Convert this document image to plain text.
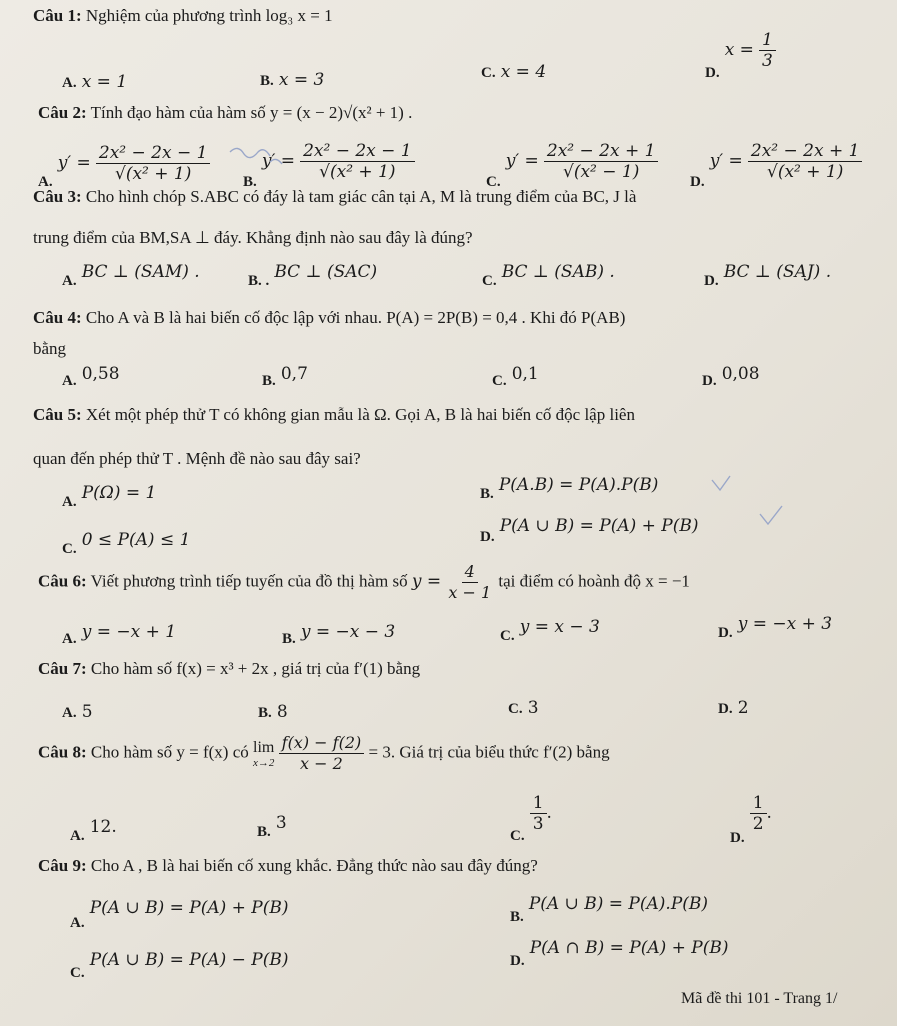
Câu 1: Nghiệm của phương trình log₃ x = 1
A. x = 1	B. x = 3	C. x = 4	D. $x = \frac{1}{3}$
Câu 2: Tính đạo hàm của hàm số y = (x − 2)√(x² + 1) .
A. $y' = \frac{\text{2x² − 2x − 1}}{\text{√(x² + 1)}} B$. $y' = \frac{\text{2x² − 2x − 1}}{\text{√(x² + 1)}}$	C. $y' = \frac{\text{2x² − 2x + 1}}{\text{√(x² − 1)}} D$. $y' = \frac{\text{2x² − 2x + 1}}{\text{√(x² + 1)}}$
Câu 3: Cho hình chóp S.ABC có đáy là tam giác cân tại A, M là trung điểm của BC, J là
trung điểm của BM,SA ⊥ đáy. Khẳng định nào sau đây là đúng?
A. BC ⊥ (SAM) .	B. . BC ⊥ (SAC)	C. BC ⊥ (SAB) .	D. BC ⊥ (SAJ) .
Câu 4: Cho A và B là hai biến cố độc lập với nhau. P(A) = 2P(B) = 0,4 . Khi đó P(AB)
bằng
A. 0,58	B. 0,7	C. 0,1	D. 0,08
Câu 5: Xét một phép thử T có không gian mẫu là Ω. Gọi A, B là hai biến cố độc lập liên
quan đến phép thử T . Mệnh đề nào sau đây sai?
A. P(Ω) = 1	B. P(A.B) = P(A).P(B)
C. 0 ≤ P(A) ≤ 1	D. P(A ∪ B) = P(A) + P(B)
Câu 6: Viết phương trình tiếp tuyến của đồ thị hàm số $y = \frac{4}{x - 1}$ tại điểm có hoành độ x = −1
A. y = −x + 1	B. y = −x − 3	C. y = x − 3	D. y = −x + 3
Câu 7: Cho hàm số f(x) = x³ + 2x , giá trị của f′(1) bằng
A. 5	B. 8	C. 3	D. 2
Câu 8: Cho hàm số y = f(x) có lim
x→2
$\frac{f(x) - f(2)}{x - 2} = 3$. Giá trị của biểu thức f′(2) bằng
A. 12.	B. 3
C.
$\frac{1}{3}$ .
D.
$\frac{1}{2}$ .
Câu 9: Cho A , B là hai biến cố xung khắc. Đẳng thức nào sau đây đúng?
A. P(A ∪ B) = P(A) + P(B)	B. P(A ∪ B) = P(A).P(B)
C. P(A ∪ B) = P(A) − P(B)	D. P(A ∩ B) = P(A) + P(B)
Mã đề thi 101 - Trang 1/
